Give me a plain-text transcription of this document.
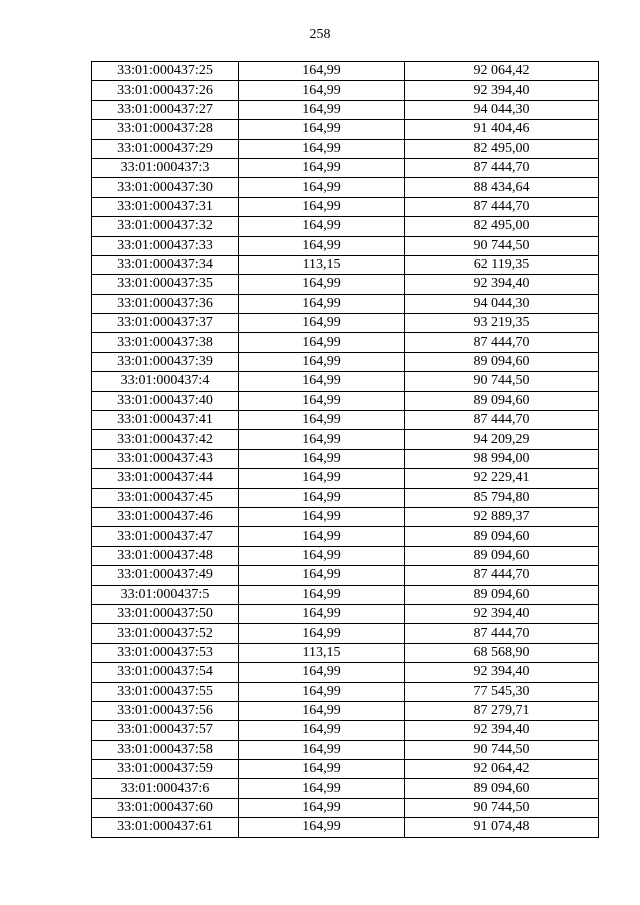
258
33:01:000437:25	164,99	92 064,42
33:01:000437:26	164,99	92 394,40
33:01:000437:27	164,99	94 044,30
33:01:000437:28	164,99	91 404,46
33:01:000437:29	164,99	82 495,00
33:01:000437:3	164,99	87 444,70
33:01:000437:30	164,99	88 434,64
33:01:000437:31	164,99	87 444,70
33:01:000437:32	164,99	82 495,00
33:01:000437:33	164,99	90 744,50
33:01:000437:34	113,15	62 119,35
33:01:000437:35	164,99	92 394,40
33:01:000437:36	164,99	94 044,30
33:01:000437:37	164,99	93 219,35
33:01:000437:38	164,99	87 444,70
33:01:000437:39	164,99	89 094,60
33:01:000437:4	164,99	90 744,50
33:01:000437:40	164,99	89 094,60
33:01:000437:41	164,99	87 444,70
33:01:000437:42	164,99	94 209,29
33:01:000437:43	164,99	98 994,00
33:01:000437:44	164,99	92 229,41
33:01:000437:45	164,99	85 794,80
33:01:000437:46	164,99	92 889,37
33:01:000437:47	164,99	89 094,60
33:01:000437:48	164,99	89 094,60
33:01:000437:49	164,99	87 444,70
33:01:000437:5	164,99	89 094,60
33:01:000437:50	164,99	92 394,40
33:01:000437:52	164,99	87 444,70
33:01:000437:53	113,15	68 568,90
33:01:000437:54	164,99	92 394,40
33:01:000437:55	164,99	77 545,30
33:01:000437:56	164,99	87 279,71
33:01:000437:57	164,99	92 394,40
33:01:000437:58	164,99	90 744,50
33:01:000437:59	164,99	92 064,42
33:01:000437:6	164,99	89 094,60
33:01:000437:60	164,99	90 744,50
33:01:000437:61	164,99	91 074,48
